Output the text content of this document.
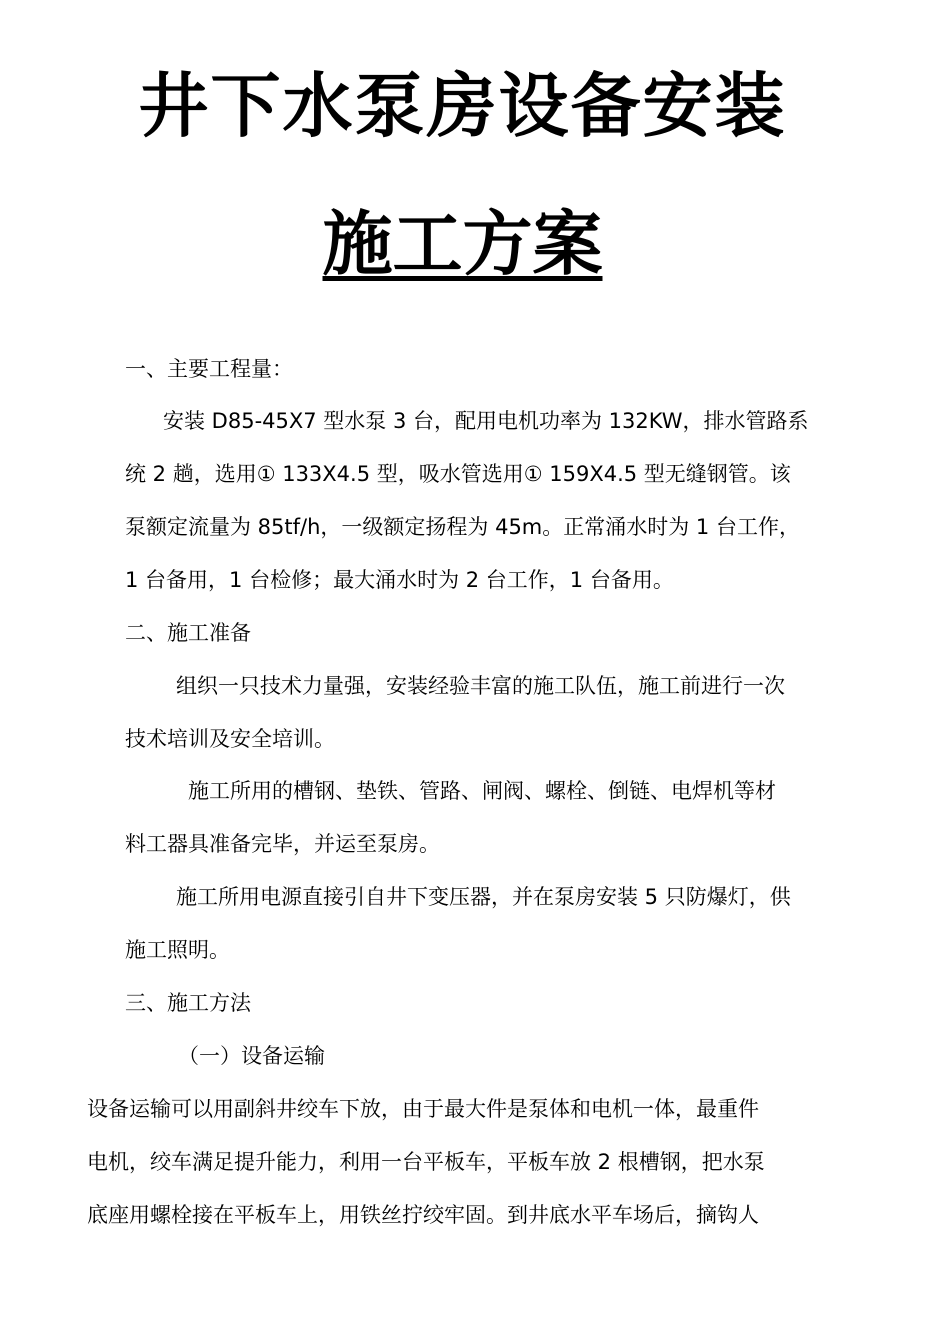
井下水泵房设备安装
施工方案
一、主要工程量：
安装 D85-45X7 型水泵 3 台，配用电机功率为 132KW，排水管路系
统 2 趟，选用① 133X4.5 型，吸水管选用① 159X4.5 型无缝钢管。该
泵额定流量为 85tf/h，一级额定扬程为 45m。正常涌水时为 1 台工作，
1 台备用，1 台检修；最大涌水时为 2 台工作，1 台备用。
二、施工准备
组织一只技术力量强，安装经验丰富的施工队伍，施工前进行一次
技术培训及安全培训。
施工所用的槽钢、垫铁、管路、闸阀、螺栓、倒链、电焊机等材
料工器具准备完毕，并运至泵房。
施工所用电源直接引自井下变压器，并在泵房安装 5 只防爆灯，供
施工照明。
三、施工方法
（一）设备运输
设备运输可以用副斜井绞车下放，由于最大件是泵体和电机一体，最重件
电机，绞车满足提升能力，利用一台平板车，平板车放 2 根槽钢，把水泵
底座用螺栓接在平板车上，用铁丝拧绞牢固。到井底水平车场后，摘钩人
